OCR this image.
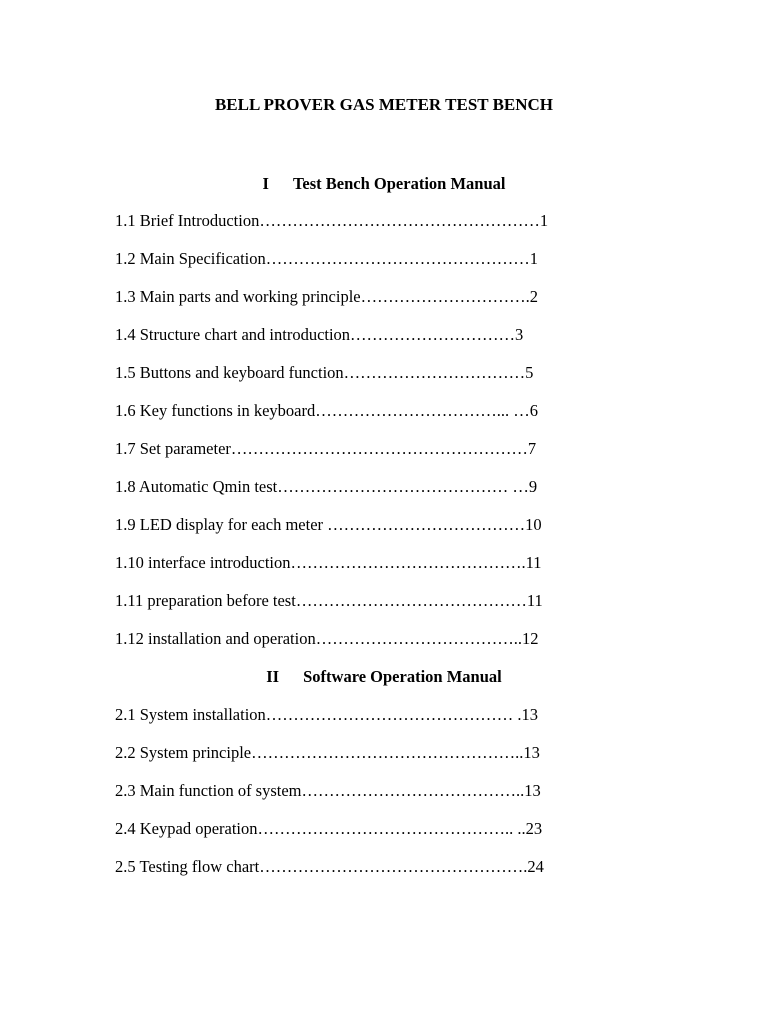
BELL PROVER GAS METER TEST BENCH
I Test Bench Operation Manual
1.1 Brief Introduction……………………………………………1
1.2 Main Specification…………………………………………1
1.3 Main parts and working principle………………………….2
1.4 Structure chart and introduction…………………………3
1.5 Buttons and keyboard function……………………………5
1.6 Key functions in keyboard……………………………... …6
1.7 Set parameter………………………………………………7
1.8 Automatic Qmin test…………………………………… …9
1.9 LED display for each meter ………………………………10
1.10 interface introduction…………………………………….11
1.11 preparation before test……………………………………11
1.12 installation and operation………………………………..12
II Software Operation Manual
2.1 System installation……………………………………… .13
2.2 System principle…………………………………………..13
2.3 Main function of system…………………………………..13
2.4 Keypad operation……………………………………….. ..23
2.5 Testing flow chart………………………………………….24
